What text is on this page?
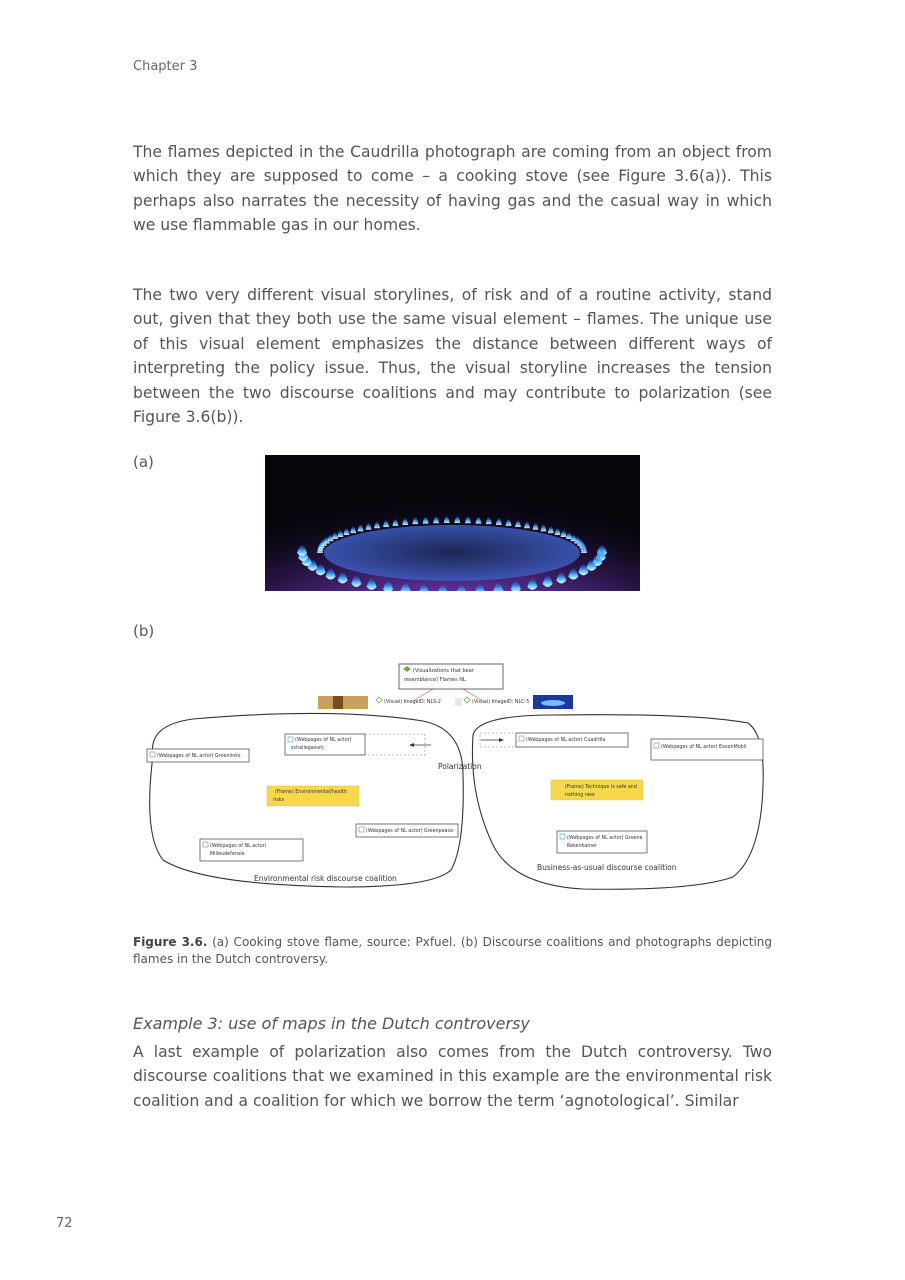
Chapter 3
The flames depicted in the Caudrilla photograph are coming from an object from which they are supposed to come – a cooking stove (see Figure 3.6(a)). This perhaps also narrates the necessity of having gas and the casual way in which we use flammable gas in our homes.
The two very different visual storylines, of risk and of a routine activity, stand out, given that they both use the same visual element – flames. The unique use of this visual element emphasizes the distance between different ways of interpreting the policy issue. Thus, the visual storyline increases the tension between the two discourse coalitions and may contribute to polarization (see Figure 3.6(b)).
(a)
(b)
(Visualizations that bear
resemblance) Flames NL
(Visual) ImageID: NLS-2	(Visual) ImageID: NLC-5
(Webpages of NL actor)
schaliegasvrij
(Webpages of NL actor) Groenlinks
Polarization
(Frame) Environmental/health
risks
(Webpages of NL actor) Greenpeace
(Webpages of NL actor)
Milieudefensie
Environmental risk discourse coalition
(Webpages of NL actor) Cuadrilla
(Webpages of NL actor) ExxonMobil
(Frame) Technique is safe and
nothing new
(Webpages of NL actor) Groene
Rekenkamer
Business-as-usual discourse coalition
Figure 3.6. (a) Cooking stove flame, source: Pxfuel. (b) Discourse coalitions and photographs depicting flames in the Dutch controversy.
Example 3: use of maps in the Dutch controversy
A last example of polarization also comes from the Dutch controversy. Two discourse coalitions that we examined in this example are the environmental risk coalition and a coalition for which we borrow the term ‘agnotological’. Similar
72
